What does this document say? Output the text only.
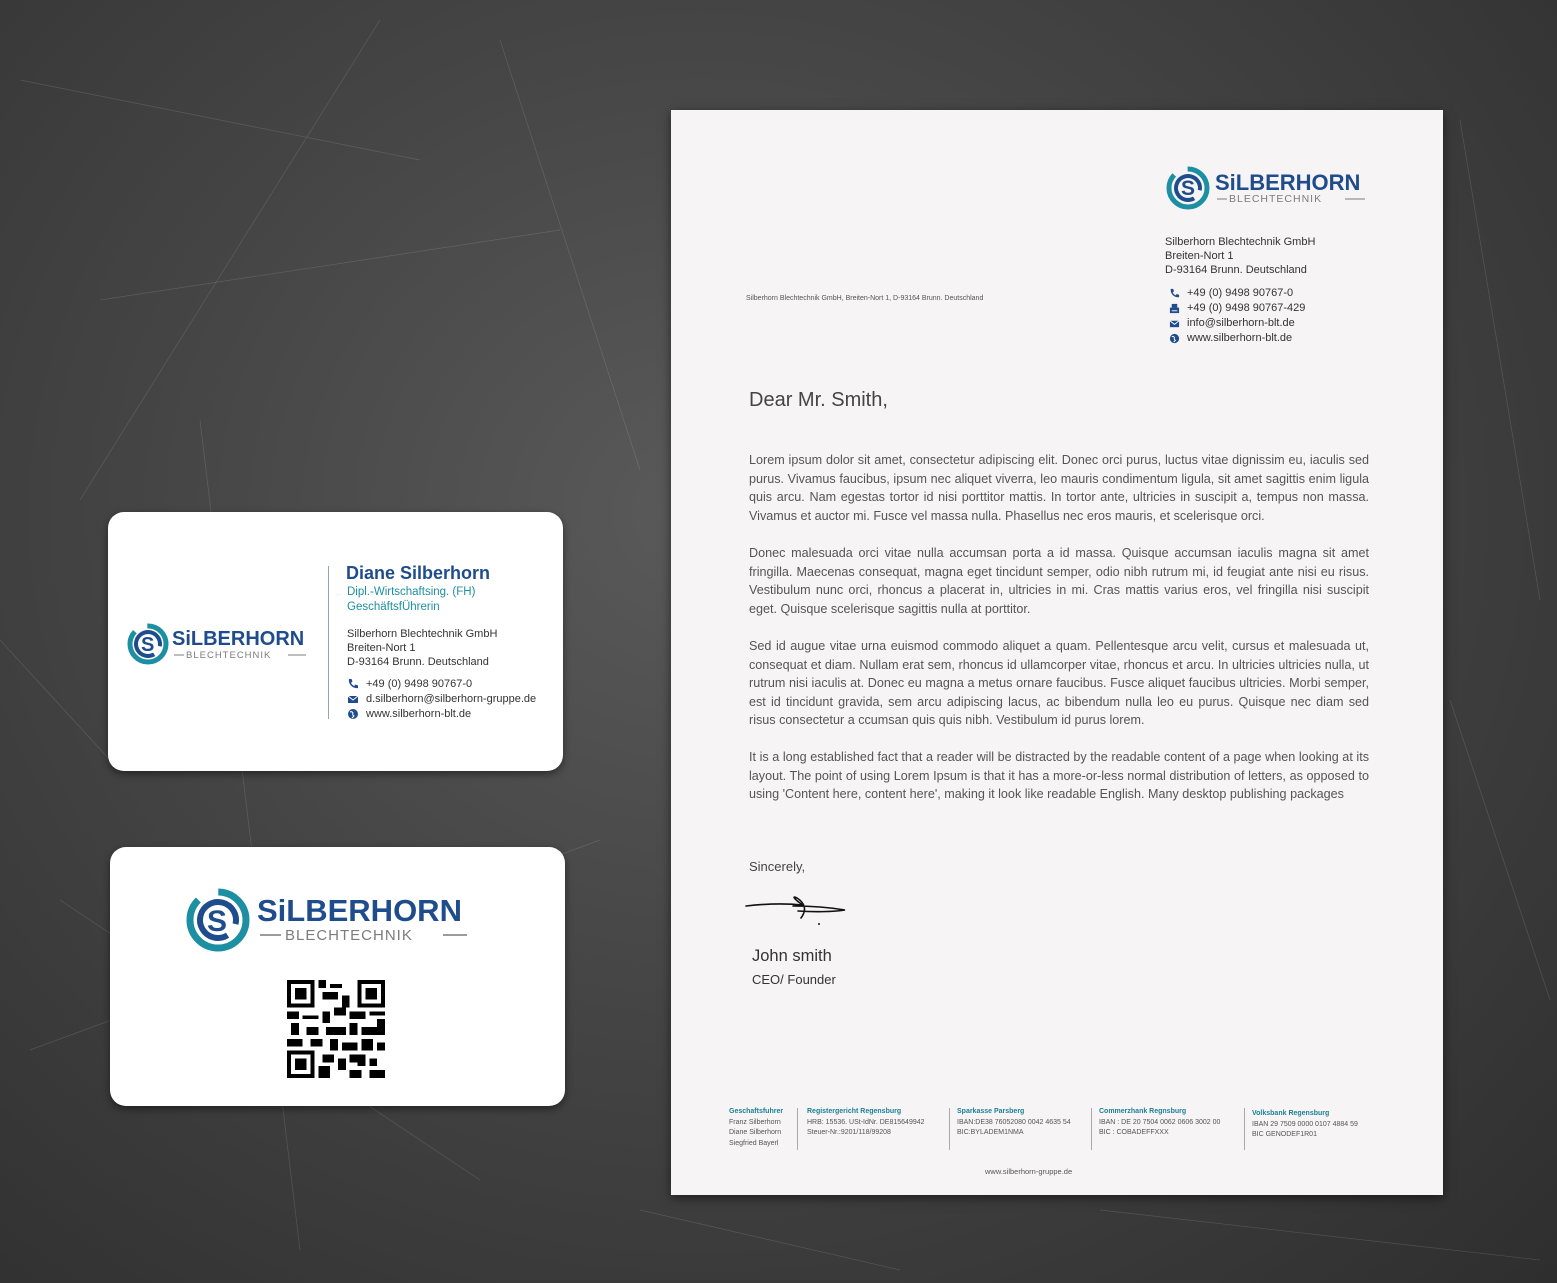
S SiLBERHORN
BLECHTECHNIK
Diane Silberhorn
Dipl.-Wirtschaftsing. (FH)
GeschäftsfÜhrerin
Silberhorn Blechtechnik GmbH
Breiten-Nort 1
D-93164 Brunn. Deutschland
+49 (0) 9498 90767-0
d.silberhorn@silberhorn-gruppe.de
www.silberhorn-blt.de
S SiLBERHORN
BLECHTECHNIK
S SiLBERHORN
BLECHTECHNIK
Silberhorn Blechtechnik GmbH
Breiten-Nort 1
D-93164 Brunn. Deutschland
Silberhorn Blechtechnik GmbH, Breiten-Nort 1, D-93164 Brunn. Deutschland	+49 (0) 9498 90767-0
+49 (0) 9498 90767-429
info@silberhorn-blt.de
www.silberhorn-blt.de
Dear Mr. Smith,
Lorem ipsum dolor sit amet, consectetur adipiscing elit. Donec orci purus, luctus vitae dignissim eu, iaculis sed purus. Vivamus faucibus, ipsum nec aliquet viverra, leo mauris condimentum ligula, sit amet sagittis enim ligula quis arcu. Nam egestas tortor id nisi porttitor mattis. In tortor ante, ultricies in suscipit a, tempus non massa. Vivamus et auctor mi. Fusce vel massa nulla. Phasellus nec eros mauris, et scelerisque orci.
Donec malesuada orci vitae nulla accumsan porta a id massa. Quisque accumsan iaculis magna sit amet fringilla. Maecenas consequat, magna eget tincidunt semper, odio nibh rutrum mi, id feugiat ante nisi eu risus. Vestibulum nunc orci, rhoncus a placerat in, ultricies in mi. Cras mattis varius eros, vel fringilla nisi suscipit eget. Quisque scelerisque sagittis nulla at porttitor.
Sed id augue vitae urna euismod commodo aliquet a quam. Pellentesque arcu velit, cursus et malesuada ut, consequat et diam. Nullam erat sem, rhoncus id ullamcorper vitae, rhoncus et arcu. In ultricies ultricies nulla, ut rutrum nisi iaculis at. Donec eu magna a metus ornare faucibus. Fusce aliquet faucibus ultricies. Morbi semper, est id tincidunt gravida, sem arcu adipiscing lacus, ac bibendum nulla leo eu purus. Quisque nec diam sed risus consectetur a ccumsan quis quis nibh. Vestibulum id purus lorem.
It is a long established fact that a reader will be distracted by the readable content of a page when looking at its layout. The point of using Lorem Ipsum is that it has a more-or-less normal distribution of letters, as opposed to using 'Content here, content here', making it look like readable English. Many desktop publishing packages
Sincerely,
John smith
CEO/ Founder
Geschaftsfuhrer
Franz Silberhorn
Diane Silberhorn
Siegfried Bayerl
Registergericht Regensburg
HRB: 15536. USt-IdNr. DE815649942
Steuer-Nr.:9201/118/99208
Sparkasse Parsberg
IBAN:DE38 76052080 0042 4635 54
BIC:BYLADEM1NMA
Commerzhank Regnsburg
IBAN : DE 20 7504 0062 0606 3002 00
BIC : COBADEFFXXX
Volksbank Regensburg
IBAN 29 7509 0000 0107 4884 59
BIC GENODEF1R01
www.silberhorn-gruppe.de
